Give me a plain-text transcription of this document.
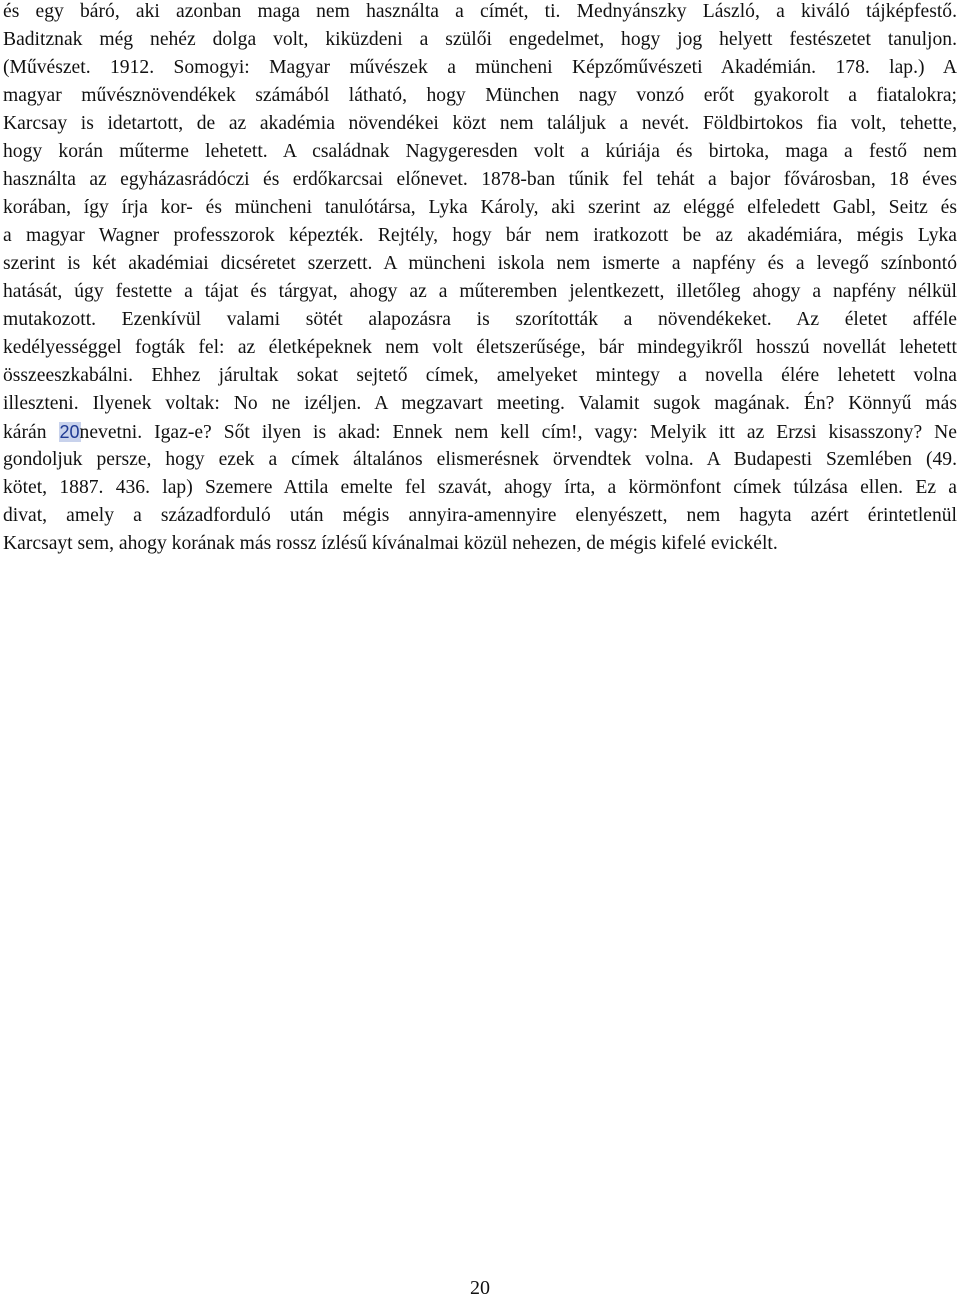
és egy báró, aki azonban maga nem használta a címét, ti. Mednyánszky László, a kiváló tájképfestő.
Baditznak még nehéz dolga volt, kiküzdeni a szülői engedelmet, hogy jog helyett festészetet tanuljon.
(Művészet. 1912. Somogyi: Magyar művészek a müncheni Képzőművészeti Akadémián. 178. lap.) A
magyar művésznövendékek számából látható, hogy München nagy vonzó erőt gyakorolt a fiatalokra;
Karcsay is idetartott, de az akadémia növendékei közt nem találjuk a nevét. Földbirtokos fia volt, tehette,
hogy korán műterme lehetett. A családnak Nagygeresden volt a kúriája és birtoka, maga a festő nem
használta az egyházasrádóczi és erdőkarcsai előnevet. 1878-ban tűnik fel tehát a bajor fővárosban, 18 éves
korában, így írja kor- és müncheni tanulótársa, Lyka Károly, aki szerint az eléggé elfeledett Gabl, Seitz és
a magyar Wagner professzorok képezték. Rejtély, hogy bár nem iratkozott be az akadémiára, mégis Lyka
szerint is két akadémiai dicséretet szerzett. A müncheni iskola nem ismerte a napfény és a levegő színbontó
hatását, úgy festette a tájat és tárgyat, ahogy az a műteremben jelentkezett, illetőleg ahogy a napfény nélkül
mutakozott. Ezenkívül valami sötét alapozásra is szorították a növendékeket. Az életet afféle
kedélyességgel fogták fel: az életképeknek nem volt életszerűsége, bár mindegyikről hosszú novellát lehetett
összeeszkabálni. Ehhez járultak sokat sejtető címek, amelyeket mintegy a novella élére lehetett volna
illeszteni. Ilyenek voltak: No ne izéljen. A megzavart meeting. Valamit sugok magának. Én? Könnyű más
kárán 20nevetni. Igaz-e? Sőt ilyen is akad: Ennek nem kell cím!, vagy: Melyik itt az Erzsi kisasszony? Ne
gondoljuk persze, hogy ezek a címek általános elismerésnek örvendtek volna. A Budapesti Szemlében (49.
kötet, 1887. 436. lap) Szemere Attila emelte fel szavát, ahogy írta, a körmönfont címek túlzása ellen. Ez a
divat, amely a századforduló után mégis annyira-amennyire elenyészett, nem hagyta azért érintetlenül
Karcsayt sem, ahogy korának más rossz ízlésű kívánalmai közül nehezen, de mégis kifelé evickélt.
20
